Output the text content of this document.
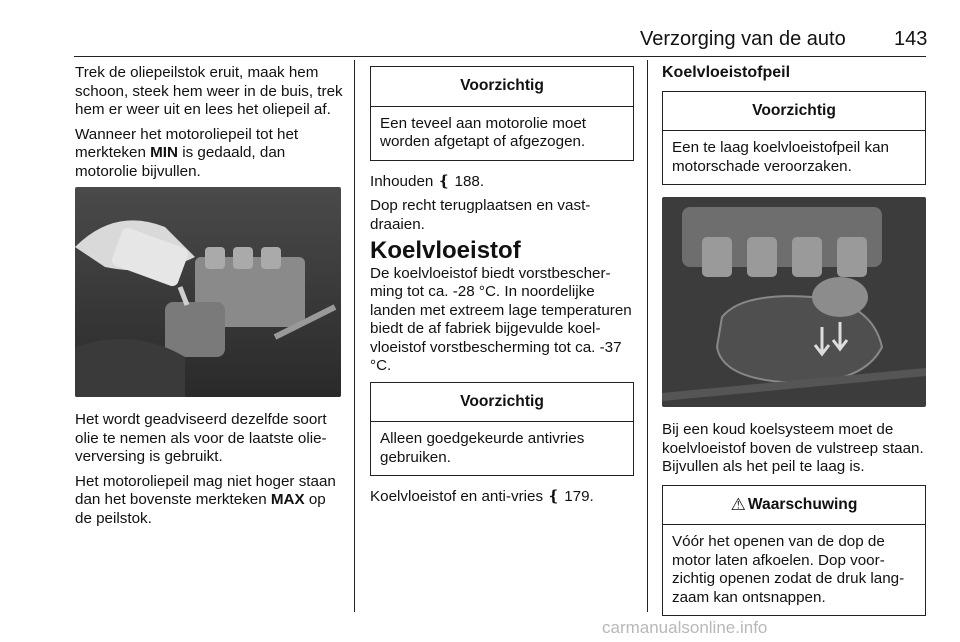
Verzorging van de auto 143

Trek de oliepeilstok eruit, maak hem schoon, steek hem weer in de buis, trek hem er weer uit en lees het oliepeil af.

Wanneer het motoroliepeil tot het merkteken MIN is gedaald, dan motorolie bijvullen.

Het wordt geadviseerd dezelfde soort olie te nemen als voor de laatste olieverversing is gebruikt.

Het motoroliepeil mag niet hoger staan dan het bovenste merkteken MAX op de peilstok.

Voorzichtig
Een teveel aan motorolie moet worden afgetapt of afgezogen.

Inhouden ❴ 188.

Dop recht terugplaatsen en vastdraaien.

Koelvloeistof

De koelvloeistof biedt vorstbescherming tot ca. -28 °C. In noordelijke landen met extreem lage temperaturen biedt de af fabriek bijgevulde koelvloeistof vorstbescherming tot ca. -37 °C.

Voorzichtig
Alleen goedgekeurde antivries gebruiken.

Koelvloeistof en anti-vries ❴ 179.

Koelvloeistofpeil
Voorzichtig
Een te laag koelvloeistofpeil kan motorschade veroorzaken.

Bij een koud koelsysteem moet de koelvloeistof boven de vulstreep staan. Bijvullen als het peil te laag is.

⚠ Waarschuwing
Vóór het openen van de dop de motor laten afkoelen. Dop voorzichtig openen zodat de druk langzaam kan ontsnappen.
carmanualsonline.info
